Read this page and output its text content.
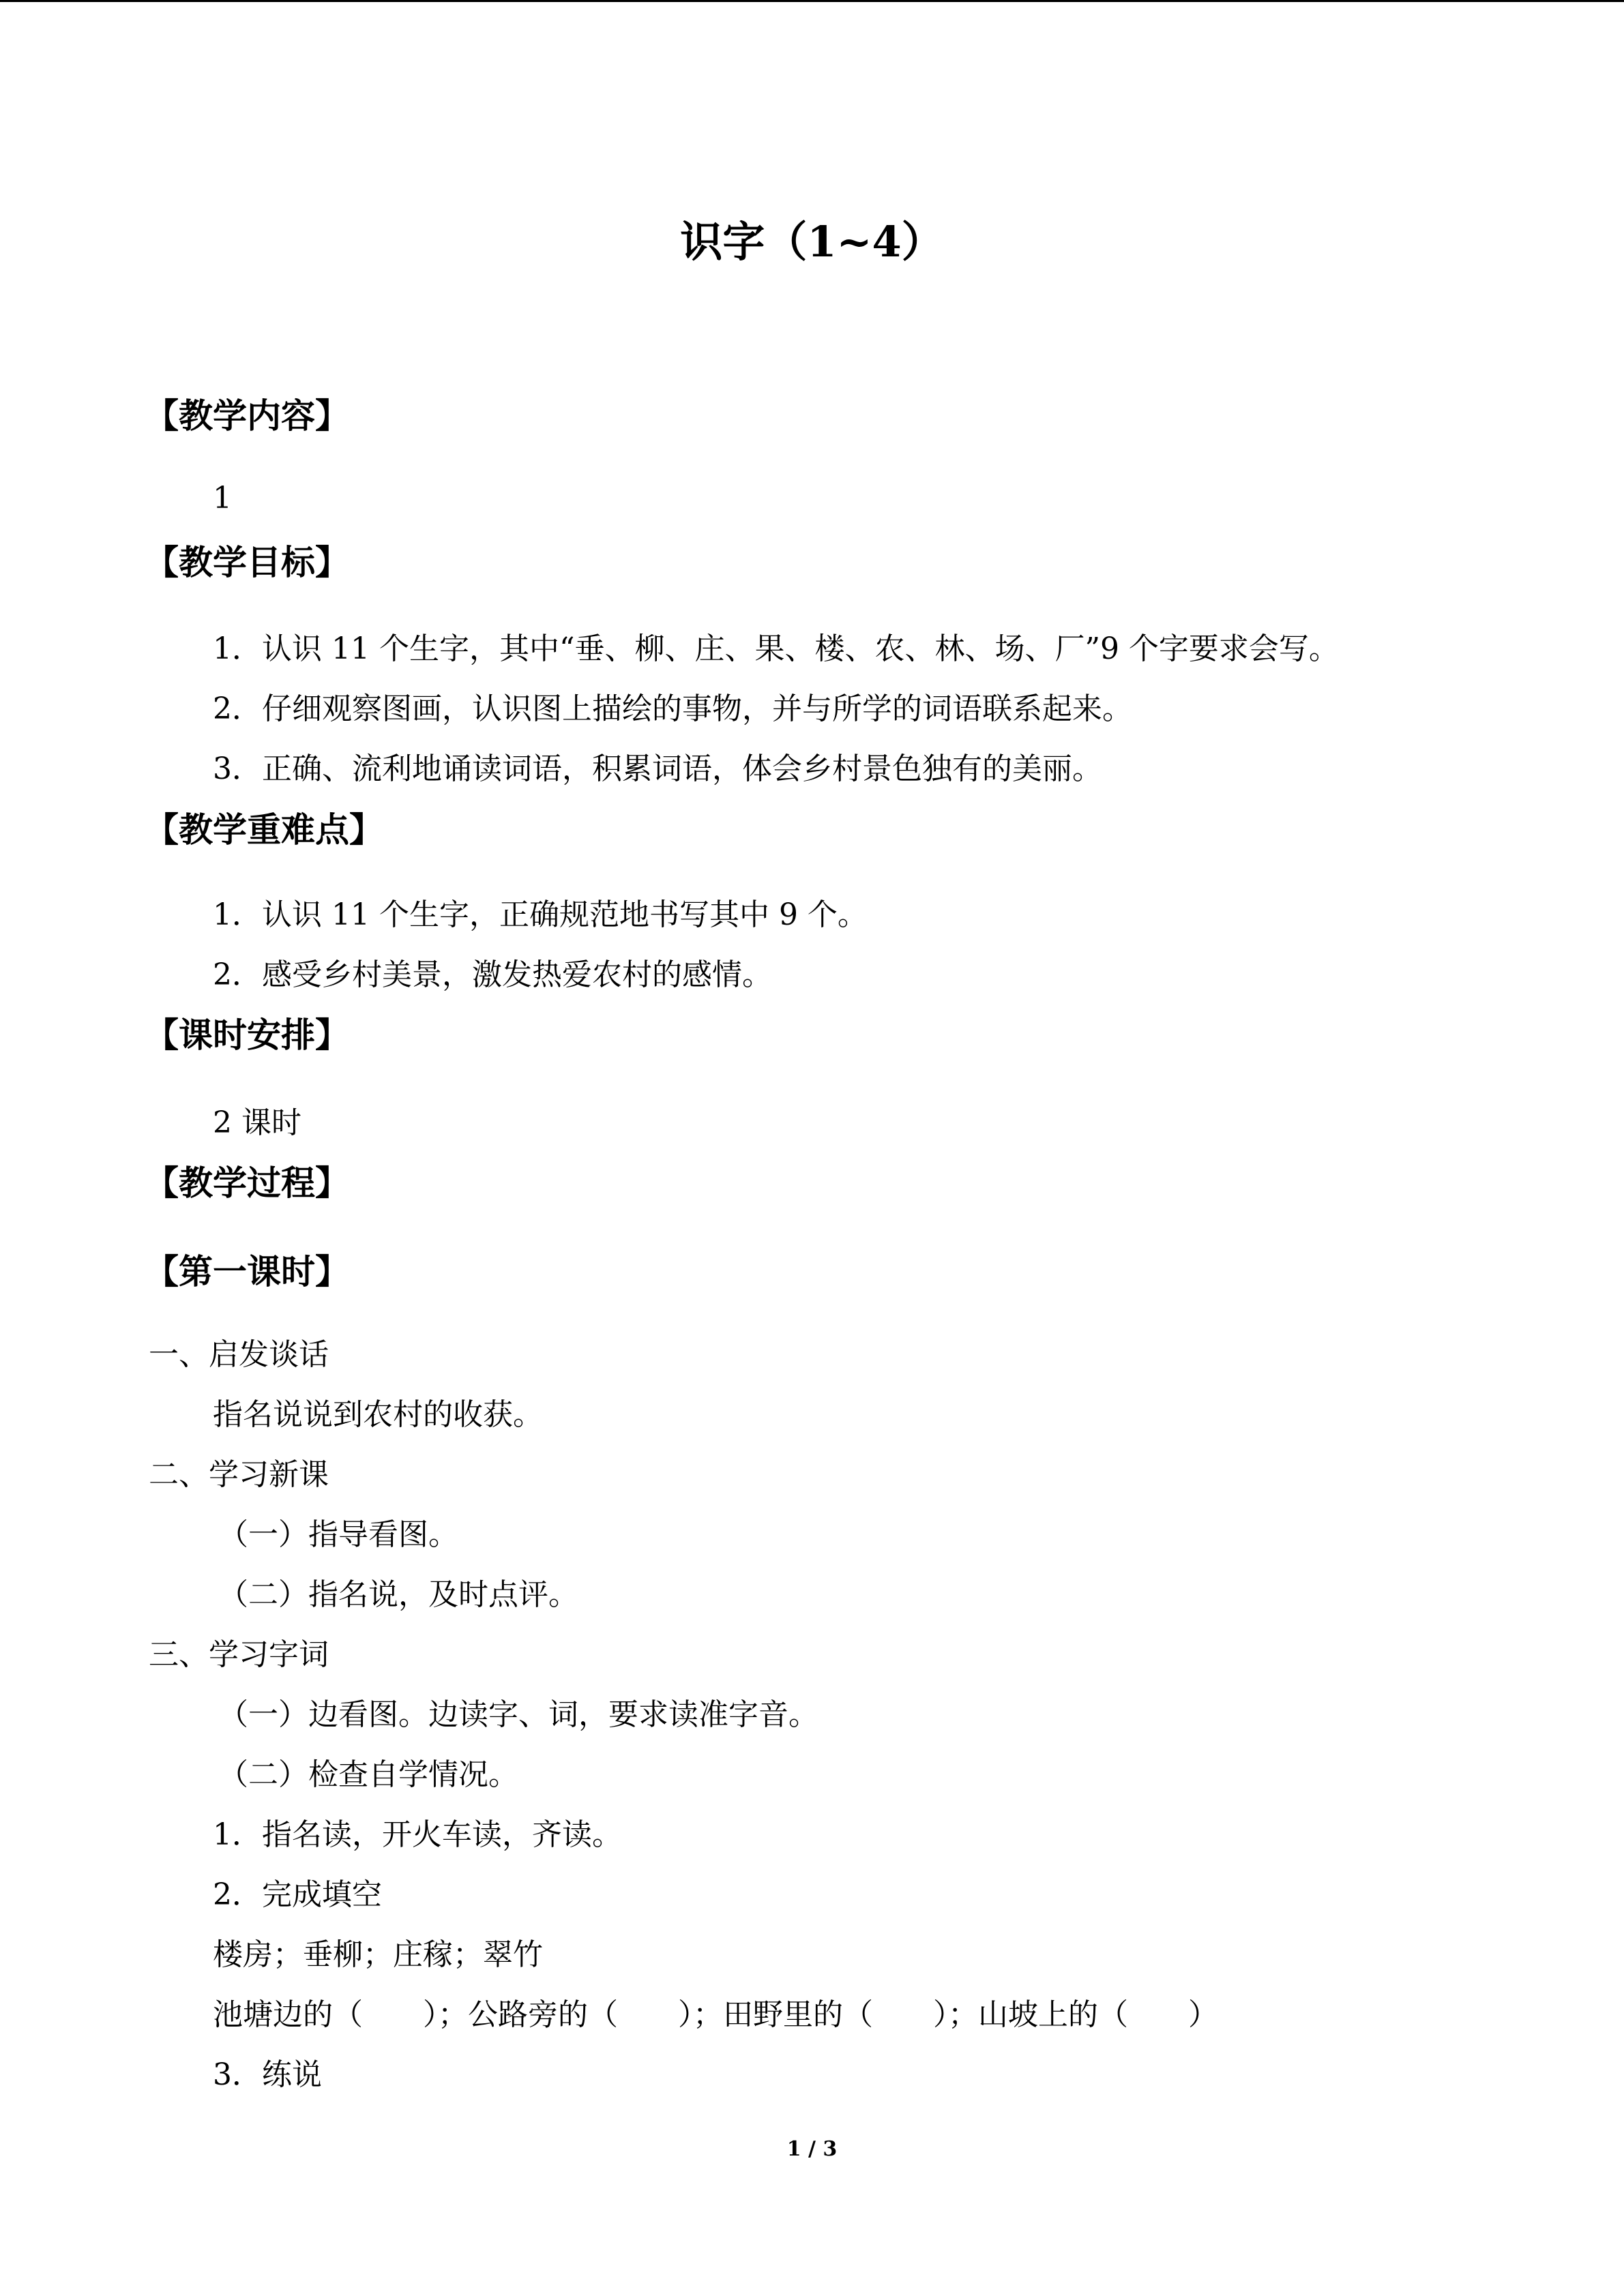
识字（1~4）
【教学内容】
1
【教学目标】
1．认识 11 个生字，其中“垂、柳、庄、果、楼、农、林、场、厂”9 个字要求会写。
2．仔细观察图画，认识图上描绘的事物，并与所学的词语联系起来。
3．正确、流利地诵读词语，积累词语，体会乡村景色独有的美丽。
【教学重难点】
1．认识 11 个生字，正确规范地书写其中 9 个。
2．感受乡村美景，激发热爱农村的感情。
【课时安排】
2 课时
【教学过程】
【第一课时】
一、启发谈话
指名说说到农村的收获。
二、学习新课
（一）指导看图。
（二）指名说，及时点评。
三、学习字词
（一）边看图。边读字、词，要求读准字音。
（二）检查自学情况。
1．指名读，开火车读，齐读。
2．完成填空
楼房；垂柳；庄稼；翠竹
池塘边的（　　）；公路旁的（　　）；田野里的（　　）；山坡上的（　　）
3．练说
1 / 3
